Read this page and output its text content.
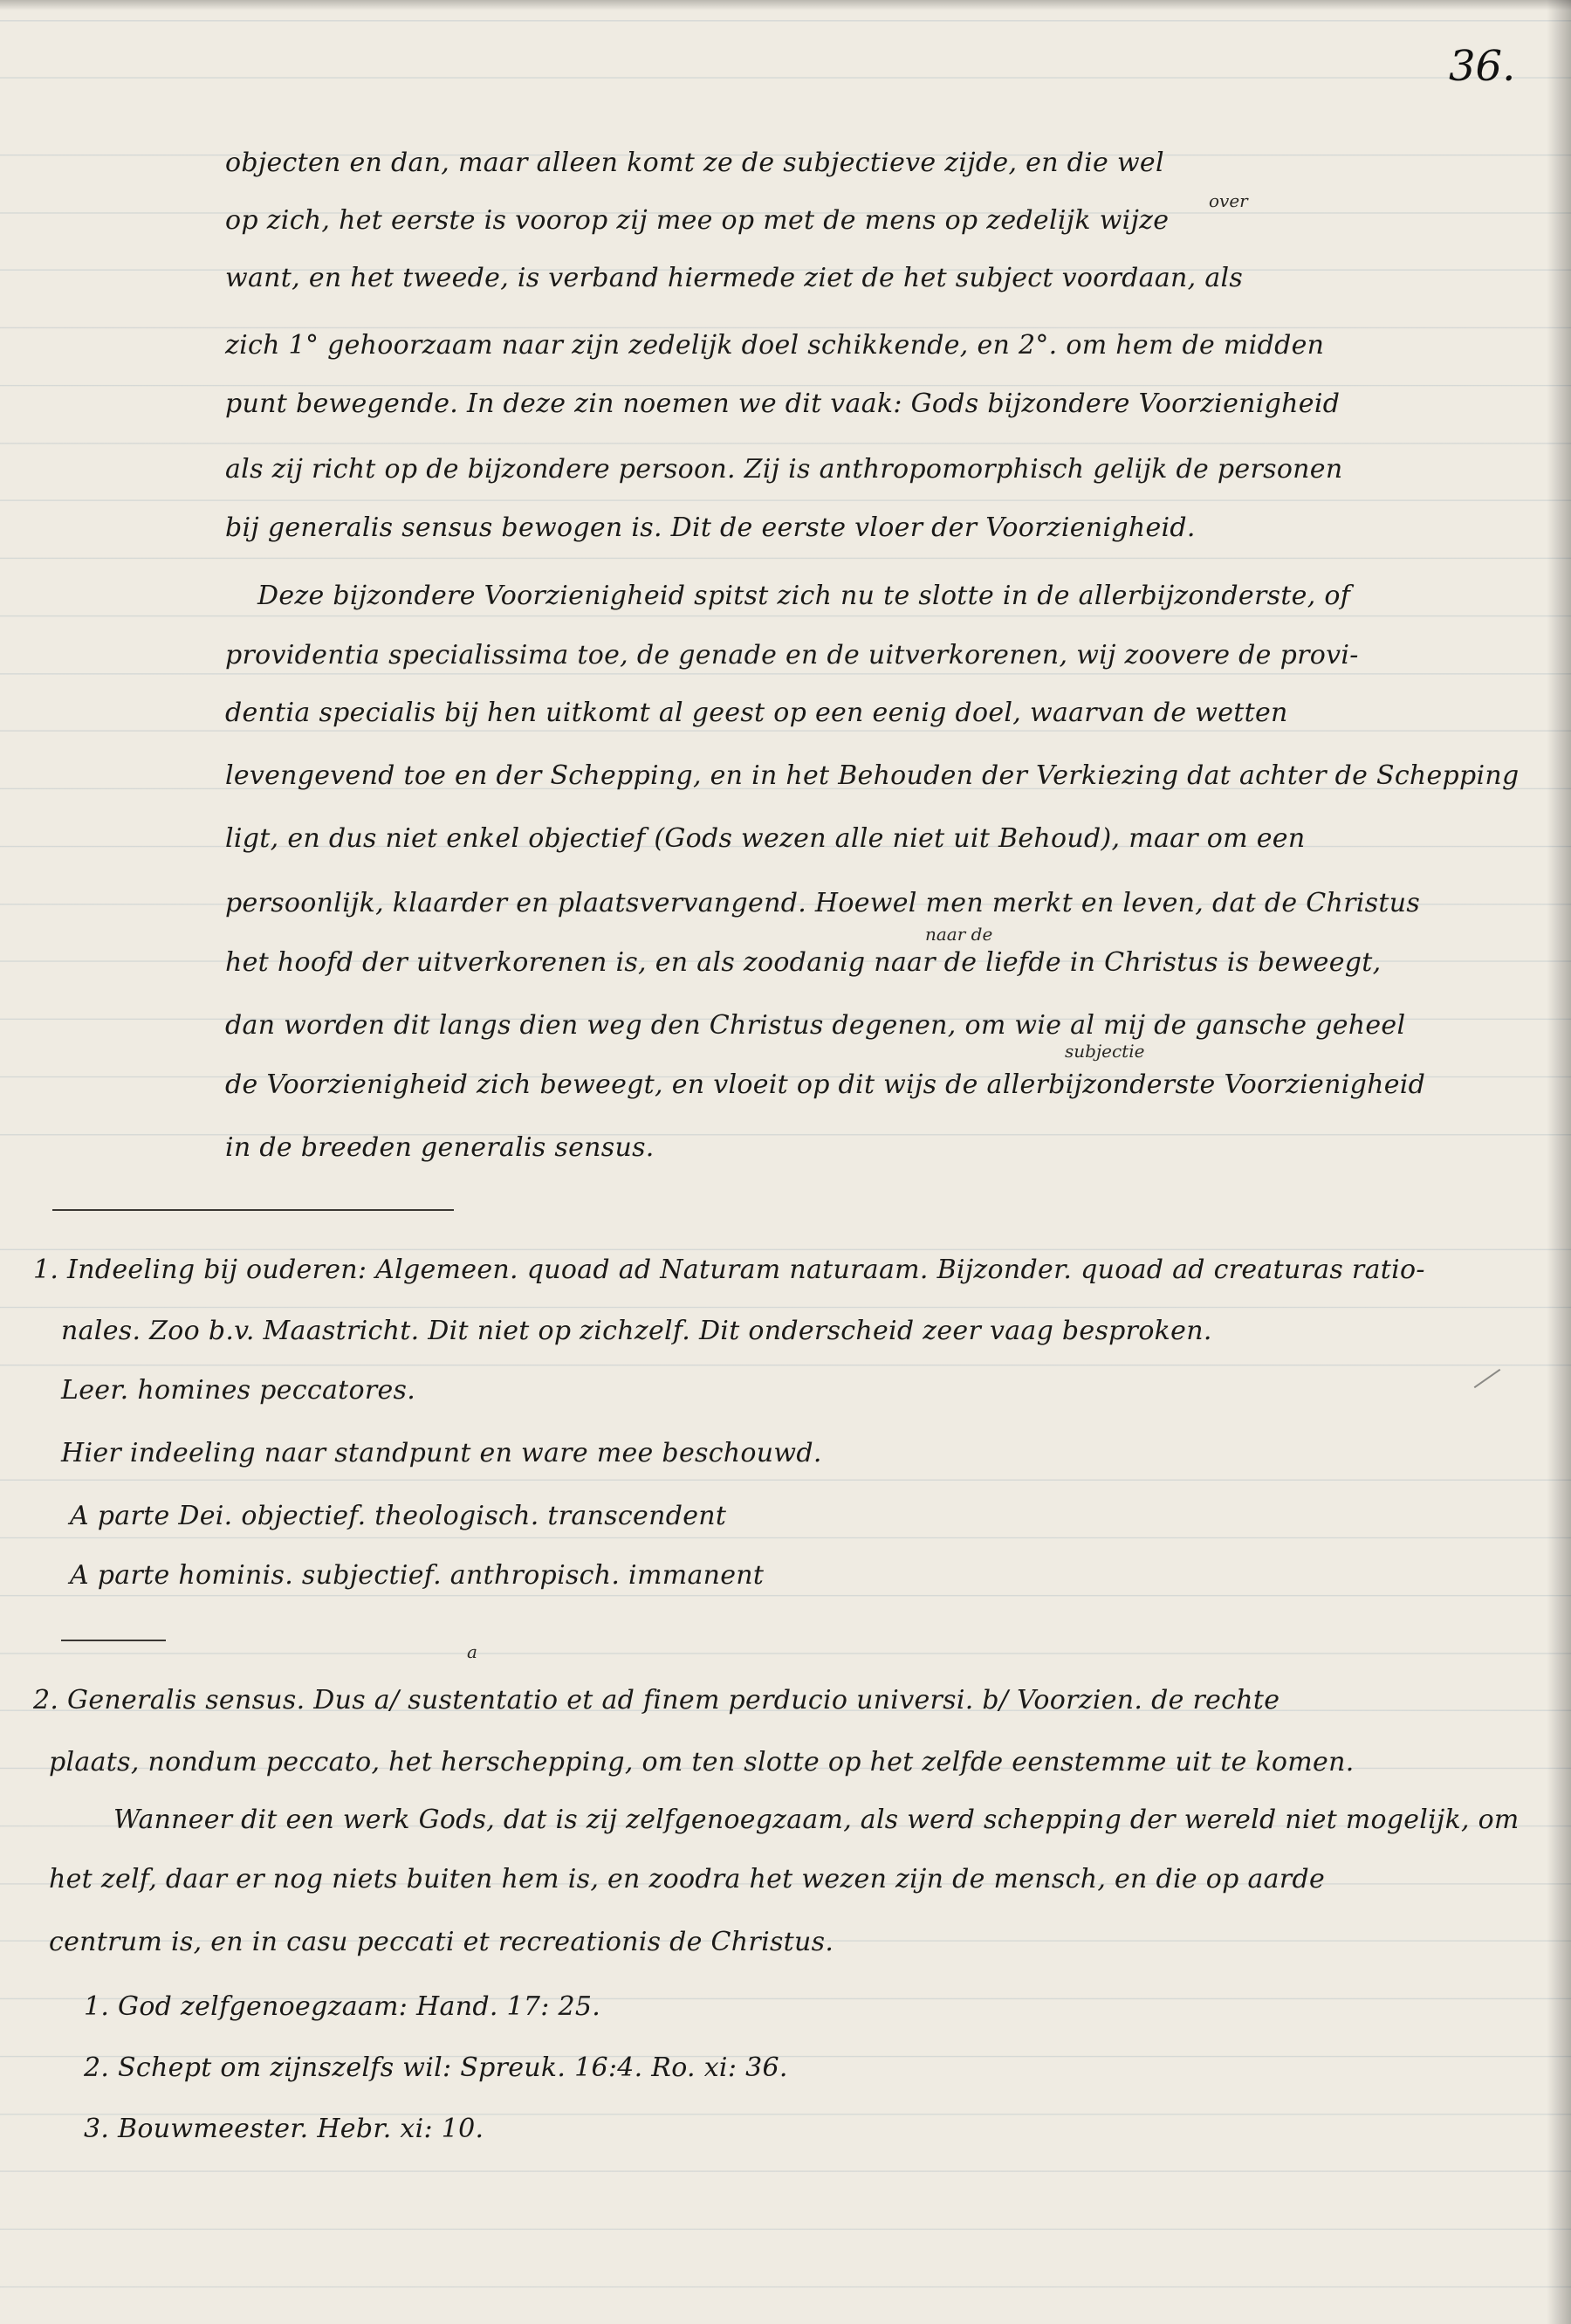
36.
objecten en dan, maar alleen komt ze de subjectieve zijde, en die wel
over
op zich, het eerste is voorop zij mee op met de mens op zedelijk wijze
want, en het tweede, is verband hiermede ziet de het subject voordaan, als
zich 1° gehoorzaam naar zijn zedelijk doel schikkende, en 2°. om hem de midden
punt bewegende. In deze zin noemen we dit vaak: Gods bijzondere Voorzienigheid
als zij richt op de bijzondere persoon. Zij is anthropomorphisch gelijk de personen
bij generalis sensus bewogen is. Dit de eerste vloer der Voorzienigheid.
Deze bijzondere Voorzienigheid spitst zich nu te slotte in de allerbijzonderste, of
providentia specialissima toe, de genade en de uitverkorenen, wij zoovere de provi-
dentia specialis bij hen uitkomt al geest op een eenig doel, waarvan de wetten
levengevend toe en der Schepping, en in het Behouden der Verkiezing dat achter de Schepping
ligt, en dus niet enkel objectief (Gods wezen alle niet uit Behoud), maar om een
persoonlijk, klaarder en plaatsvervangend. Hoewel men merkt en leven, dat de Christus
naar de
het hoofd der uitverkorenen is, en als zoodanig naar de liefde in Christus is beweegt,
dan worden dit langs dien weg den Christus degenen, om wie al mij de gansche geheel
subjectie
de Voorzienigheid zich beweegt, en vloeit op dit wijs de allerbijzonderste Voorzienigheid
in de breeden generalis sensus.
1. Indeeling bij ouderen: Algemeen. quoad ad Naturam naturaam. Bijzonder. quoad ad creaturas ratio-
nales. Zoo b.v. Maastricht. Dit niet op zichzelf. Dit onderscheid zeer vaag besproken.
Leer. homines peccatores.
Hier indeeling naar standpunt en ware mee beschouwd.
A parte Dei. objectief. theologisch. transcendent
A parte hominis. subjectief. anthropisch. immanent
a
2. Generalis sensus. Dus a/ sustentatio et ad finem perducio universi. b/ Voorzien. de rechte
plaats, nondum peccato, het herschepping, om ten slotte op het zelfde eenstemme uit te komen.
Wanneer dit een werk Gods, dat is zij zelfgenoegzaam, als werd schepping der wereld niet mogelijk, om
het zelf, daar er nog niets buiten hem is, en zoodra het wezen zijn de mensch, en die op aarde
centrum is, en in casu peccati et recreationis de Christus.
1. God zelfgenoegzaam: Hand. 17: 25.
2. Schept om zijnszelfs wil: Spreuk. 16:4. Ro. xi: 36.
3. Bouwmeester. Hebr. xi: 10.
